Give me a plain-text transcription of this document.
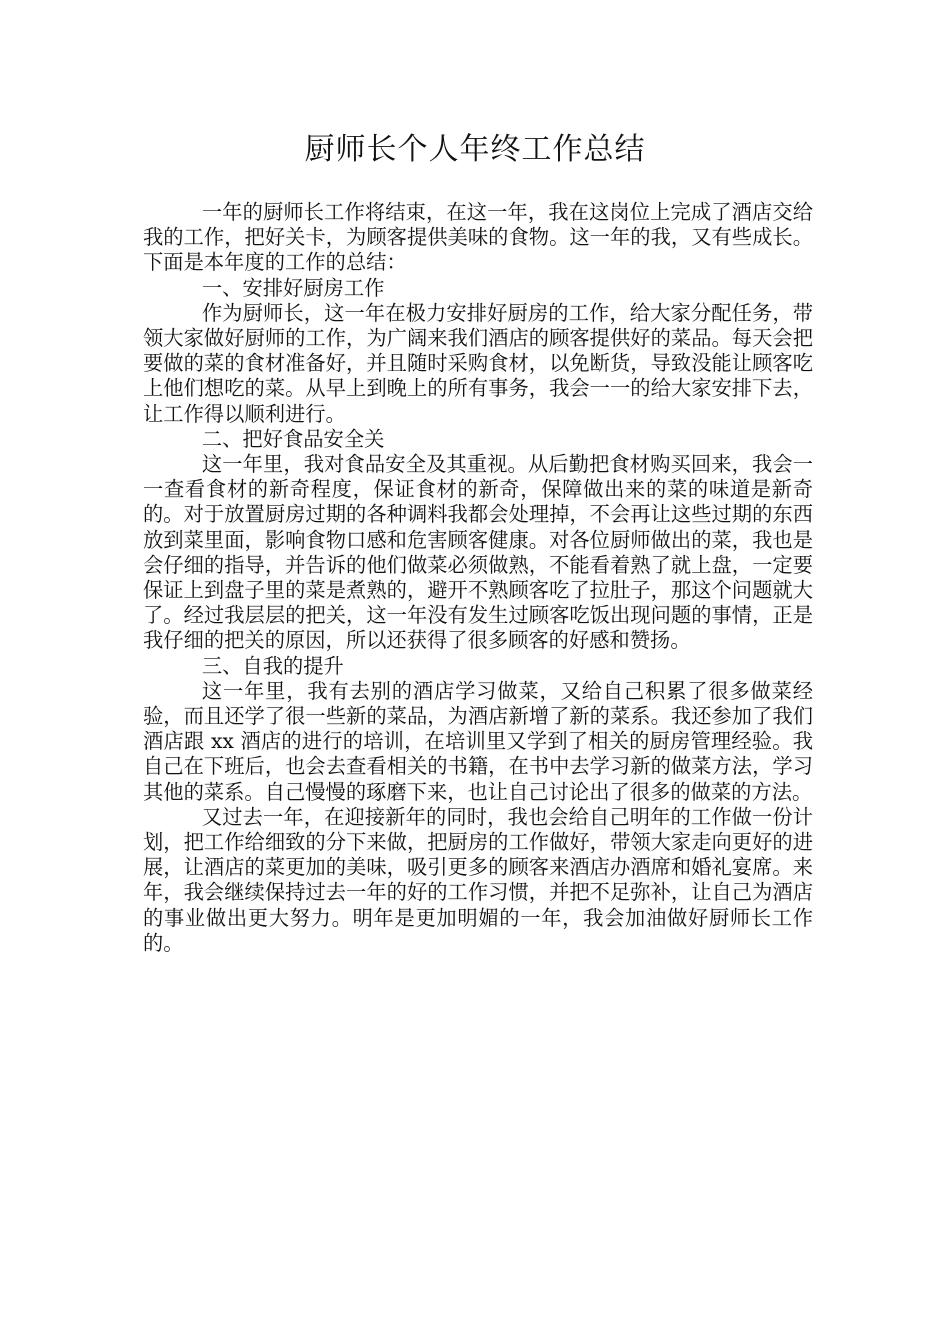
厨师长个人年终工作总结

一年的厨师长工作将结束，在这一年，我在这岗位上完成了酒店交给我的工作，把好关卡，为顾客提供美味的食物。这一年的我，又有些成长。下面是本年度的工作的总结：

一、安排好厨房工作

作为厨师长，这一年在极力安排好厨房的工作，给大家分配任务，带领大家做好厨师的工作，为广阔来我们酒店的顾客提供好的菜品。每天会把要做的菜的食材准备好，并且随时采购食材，以免断货，导致没能让顾客吃上他们想吃的菜。从早上到晚上的所有事务，我会一一的给大家安排下去，让工作得以顺利进行。

二、把好食品安全关

这一年里，我对食品安全及其重视。从后勤把食材购买回来，我会一一查看食材的新奇程度，保证食材的新奇，保障做出来的菜的味道是新奇的。对于放置厨房过期的各种调料我都会处理掉，不会再让这些过期的东西放到菜里面，影响食物口感和危害顾客健康。对各位厨师做出的菜，我也是会仔细的指导，并告诉的他们做菜必须做熟，不能看着熟了就上盘，一定要保证上到盘子里的菜是煮熟的，避开不熟顾客吃了拉肚子，那这个问题就大了。经过我层层的把关，这一年没有发生过顾客吃饭出现问题的事情，正是我仔细的把关的原因，所以还获得了很多顾客的好感和赞扬。

三、自我的提升

这一年里，我有去别的酒店学习做菜，又给自己积累了很多做菜经验，而且还学了很一些新的菜品，为酒店新增了新的菜系。我还参加了我们酒店跟 xx 酒店的进行的培训，在培训里又学到了相关的厨房管理经验。我自己在下班后，也会去查看相关的书籍，在书中去学习新的做菜方法，学习其他的菜系。自己慢慢的琢磨下来，也让自己讨论出了很多的做菜的方法。

又过去一年，在迎接新年的同时，我也会给自己明年的工作做一份计划，把工作给细致的分下来做，把厨房的工作做好，带领大家走向更好的进展，让酒店的菜更加的美味，吸引更多的顾客来酒店办酒席和婚礼宴席。来年，我会继续保持过去一年的好的工作习惯，并把不足弥补，让自己为酒店的事业做出更大努力。明年是更加明媚的一年，我会加油做好厨师长工作的。
